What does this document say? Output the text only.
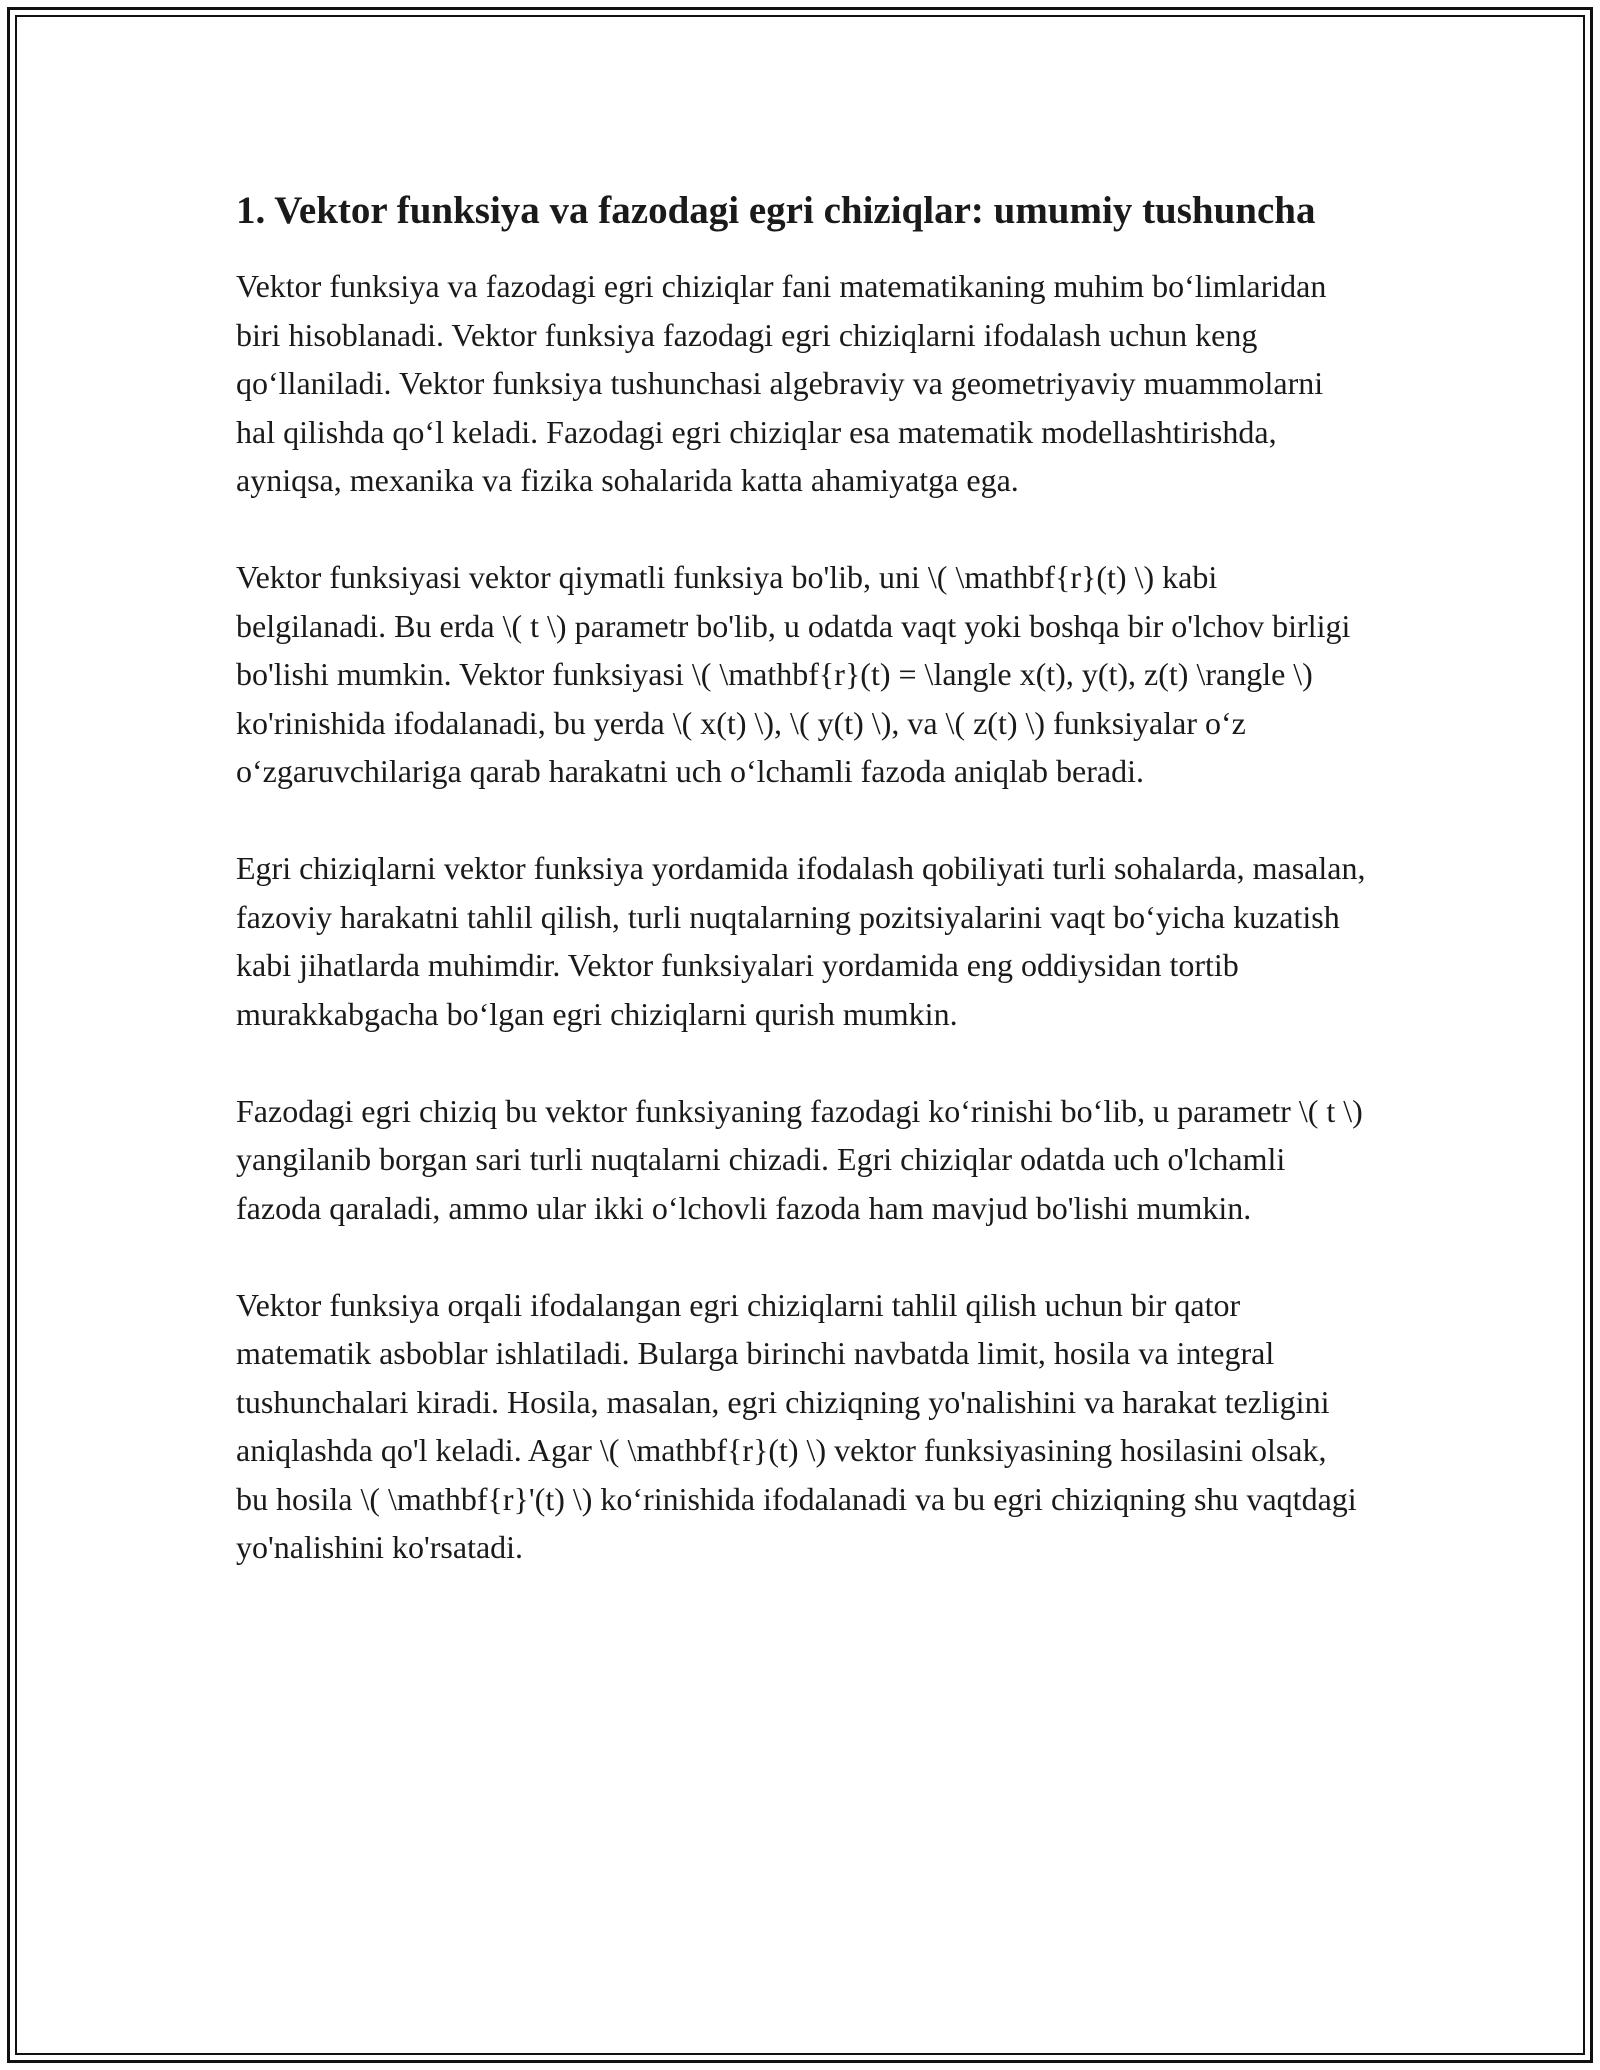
1. Vektor funksiya va fazodagi egri chiziqlar: umumiy tushuncha

Vektor funksiya va fazodagi egri chiziqlar fani matematikaning muhim bo‘limlaridan biri hisoblanadi. Vektor funksiya fazodagi egri chiziqlarni ifodalash uchun keng qo‘llaniladi. Vektor funksiya tushunchasi algebraviy va geometriyaviy muammolarni hal qilishda qo‘l keladi. Fazodagi egri chiziqlar esa matematik modellashtirishda, ayniqsa, mexanika va fizika sohalarida katta ahamiyatga ega.

Vektor funksiyasi vektor qiymatli funksiya bo'lib, uni \( \mathbf{r}(t) \) kabi belgilanadi. Bu erda \( t \) parametr bo'lib, u odatda vaqt yoki boshqa bir o'lchov birligi bo'lishi mumkin. Vektor funksiyasi \( \mathbf{r}(t) = \langle x(t), y(t), z(t) \rangle \) ko'rinishida ifodalanadi, bu yerda \( x(t) \), \( y(t) \), va \( z(t) \) funksiyalar o‘z o‘zgaruvchilariga qarab harakatni uch o‘lchamli fazoda aniqlab beradi.

Egri chiziqlarni vektor funksiya yordamida ifodalash qobiliyati turli sohalarda, masalan, fazoviy harakatni tahlil qilish, turli nuqtalarning pozitsiyalarini vaqt bo‘yicha kuzatish kabi jihatlarda muhimdir. Vektor funksiyalari yordamida eng oddiysidan tortib murakkabgacha bo‘lgan egri chiziqlarni qurish mumkin.

Fazodagi egri chiziq bu vektor funksiyaning fazodagi ko‘rinishi bo‘lib, u parametr \( t \) yangilanib borgan sari turli nuqtalarni chizadi. Egri chiziqlar odatda uch o'lchamli fazoda qaraladi, ammo ular ikki o‘lchovli fazoda ham mavjud bo'lishi mumkin.

Vektor funksiya orqali ifodalangan egri chiziqlarni tahlil qilish uchun bir qator matematik asboblar ishlatiladi. Bularga birinchi navbatda limit, hosila va integral tushunchalari kiradi. Hosila, masalan, egri chiziqning yo'nalishini va harakat tezligini aniqlashda qo'l keladi. Agar \( \mathbf{r}(t) \) vektor funksiyasining hosilasini olsak, bu hosila \( \mathbf{r}'(t) \) ko‘rinishida ifodalanadi va bu egri chiziqning shu vaqtdagi yo'nalishini ko'rsatadi.
